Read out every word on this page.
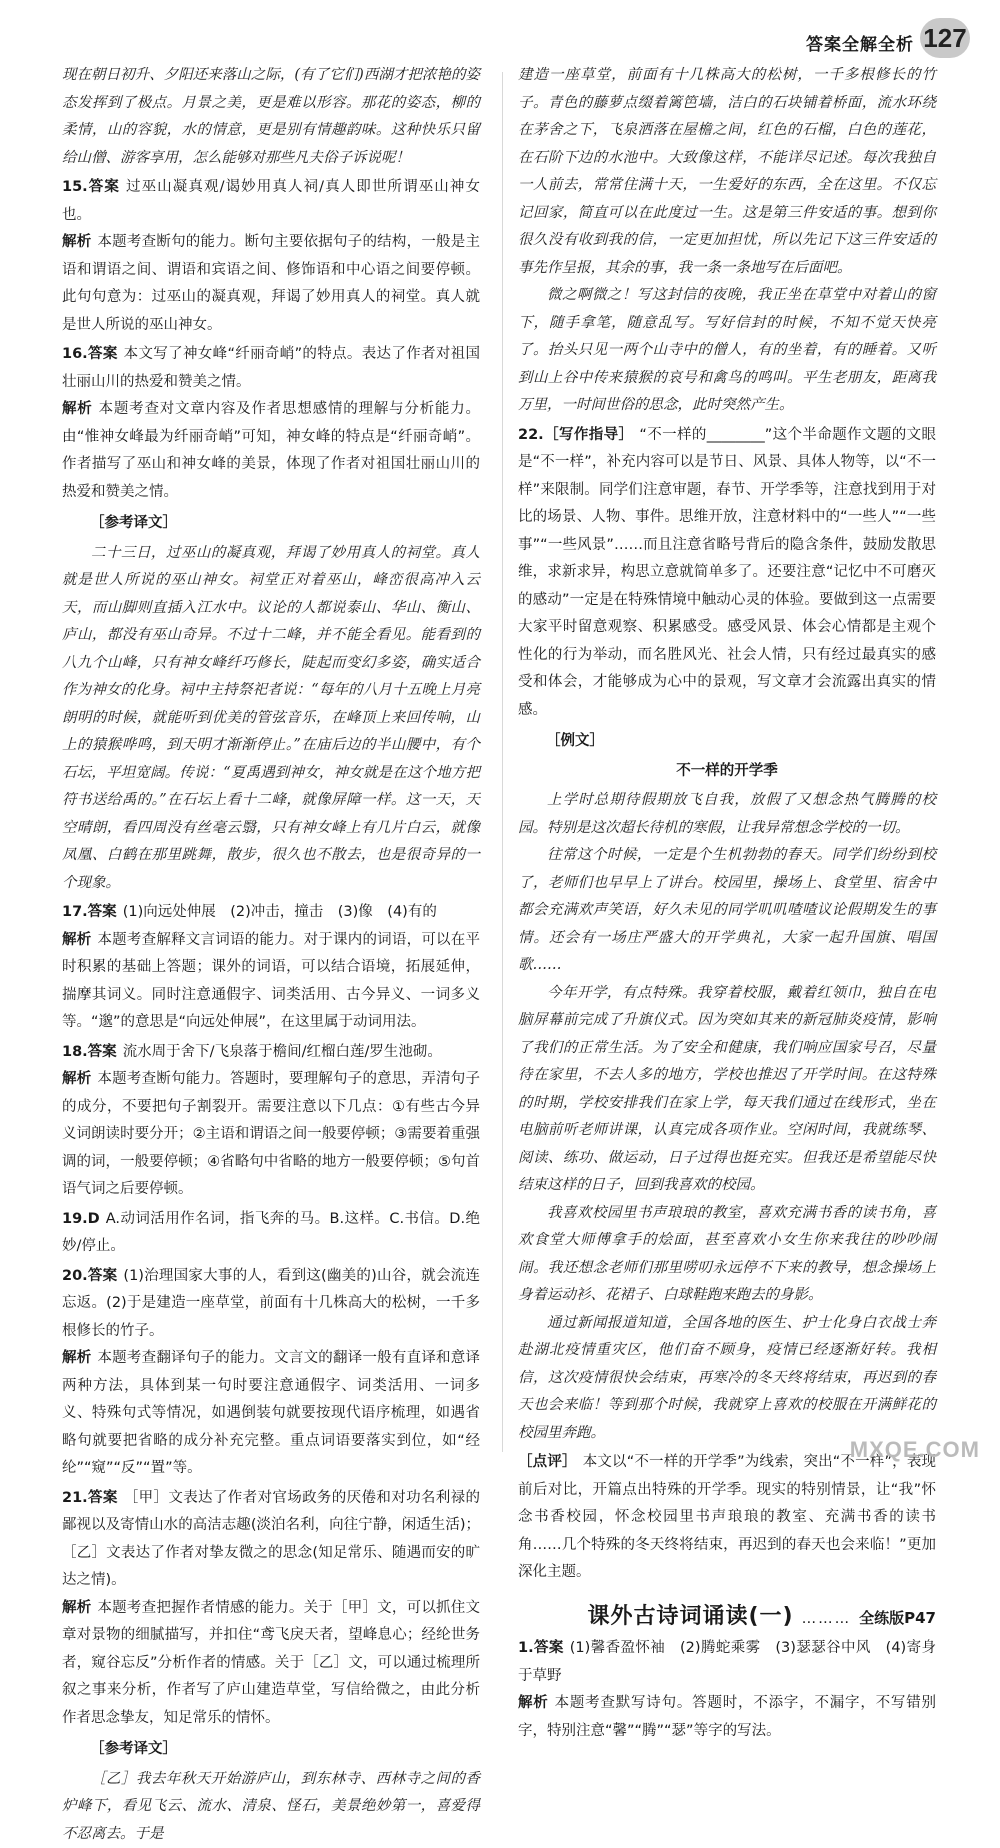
答案全解全析 127

现在朝日初升、夕阳还来落山之际，(有了它们)西湖才把浓艳的姿态发挥到了极点。月景之美，更是难以形容。那花的姿态，柳的柔情，山的容貌，水的情意，更是别有情趣韵味。这种快乐只留给山僧、游客享用，怎么能够对那些凡夫俗子诉说呢！

15.答案 过巫山凝真观/谒妙用真人祠/真人即世所谓巫山神女也。

解析 本题考查断句的能力。断句主要依据句子的结构，一般是主语和谓语之间、谓语和宾语之间、修饰语和中心语之间要停顿。此句句意为：过巫山的凝真观，拜谒了妙用真人的祠堂。真人就是世人所说的巫山神女。

16.答案 本文写了神女峰“纤丽奇峭”的特点。表达了作者对祖国壮丽山川的热爱和赞美之情。

解析 本题考查对文章内容及作者思想感情的理解与分析能力。由“惟神女峰最为纤丽奇峭”可知，神女峰的特点是“纤丽奇峭”。作者描写了巫山和神女峰的美景，体现了作者对祖国壮丽山川的热爱和赞美之情。

［参考译文］

二十三日，过巫山的凝真观，拜谒了妙用真人的祠堂。真人就是世人所说的巫山神女。祠堂正对着巫山，峰峦很高冲入云天，而山脚则直插入江水中。议论的人都说泰山、华山、衡山、庐山，都没有巫山奇异。不过十二峰，并不能全看见。能看到的八九个山峰，只有神女峰纤巧修长，陡起而变幻多姿，确实适合作为神女的化身。祠中主持祭祀者说：“每年的八月十五晚上月亮朗明的时候，就能听到优美的管弦音乐，在峰顶上来回传响，山上的猿猴哗鸣，到天明才渐渐停止。”在庙后边的半山腰中，有个石坛，平坦宽阔。传说：“夏禹遇到神女，神女就是在这个地方把符书送给禹的。”在石坛上看十二峰，就像屏障一样。这一天，天空晴朗，看四周没有丝毫云翳，只有神女峰上有几片白云，就像凤凰、白鹤在那里跳舞，散步，很久也不散去，也是很奇异的一个现象。

17.答案 (1)向远处伸展　(2)冲击，撞击　(3)像　(4)有的

解析 本题考查解释文言词语的能力。对于课内的词语，可以在平时积累的基础上答题；课外的词语，可以结合语境，拓展延伸，揣摩其词义。同时注意通假字、词类活用、古今异义、一词多义等。“邈”的意思是“向远处伸展”，在这里属于动词用法。

18.答案 流水周于舍下/飞泉落于檐间/红榴白莲/罗生池砌。

解析 本题考查断句能力。答题时，要理解句子的意思，弄清句子的成分，不要把句子割裂开。需要注意以下几点：①有些古今异义词朗读时要分开；②主语和谓语之间一般要停顿；③需要着重强调的词，一般要停顿；④省略句中省略的地方一般要停顿；⑤句首语气词之后要停顿。

19.D A.动词活用作名词，指飞奔的马。B.这样。C.书信。D.绝妙/停止。

20.答案 (1)治理国家大事的人，看到这(幽美的)山谷，就会流连忘返。(2)于是建造一座草堂，前面有十几株高大的松树，一千多根修长的竹子。

解析 本题考查翻译句子的能力。文言文的翻译一般有直译和意译两种方法，具体到某一句时要注意通假字、词类活用、一词多义、特殊句式等情况，如遇倒装句就要按现代语序梳理，如遇省略句就要把省略的成分补充完整。重点词语要落实到位，如“经纶”“窥”“反”“置”等。

21.答案 ［甲］文表达了作者对官场政务的厌倦和对功名利禄的鄙视以及寄情山水的高洁志趣(淡泊名利，向往宁静，闲适生活)；［乙］文表达了作者对挚友微之的思念(知足常乐、随遇而安的旷达之情)。

解析 本题考查把握作者情感的能力。关于［甲］文，可以抓住文章对景物的细腻描写，并扣住“鸢飞戾天者，望峰息心；经纶世务者，窥谷忘反”分析作者的情感。关于［乙］文，可以通过梳理所叙之事来分析，作者写了庐山建造草堂，写信给微之，由此分析作者思念挚友，知足常乐的情怀。

［参考译文］

［乙］我去年秋天开始游庐山，到东林寺、西林寺之间的香炉峰下，看见飞云、流水、清泉、怪石，美景绝妙第一，喜爱得不忍离去。于是

建造一座草堂，前面有十几株高大的松树，一千多根修长的竹子。青色的藤萝点缀着篱笆墙，洁白的石块铺着桥面，流水环绕在茅舍之下，飞泉洒落在屋檐之间，红色的石榴，白色的莲花，在石阶下边的水池中。大致像这样，不能详尽记述。每次我独自一人前去，常常住满十天，一生爱好的东西，全在这里。不仅忘记回家，简直可以在此度过一生。这是第三件安适的事。想到你很久没有收到我的信，一定更加担忧，所以先记下这三件安适的事先作呈报，其余的事，我一条一条地写在后面吧。

微之啊微之！写这封信的夜晚，我正坐在草堂中对着山的窗下，随手拿笔，随意乱写。写好信封的时候，不知不觉天快亮了。抬头只见一两个山寺中的僧人，有的坐着，有的睡着。又听到山上谷中传来猿猴的哀号和禽鸟的鸣叫。平生老朋友，距离我万里，一时间世俗的思念，此时突然产生。

22.［写作指导］ “不一样的________”这个半命题作文题的文眼是“不一样”，补充内容可以是节日、风景、具体人物等，以“不一样”来限制。同学们注意审题，春节、开学季等，注意找到用于对比的场景、人物、事件。思维开放，注意材料中的“一些人”“一些事”“一些风景”……而且注意省略号背后的隐含条件，鼓励发散思维，求新求异，构思立意就简单多了。还要注意“记忆中不可磨灭的感动”一定是在特殊情境中触动心灵的体验。要做到这一点需要大家平时留意观察、积累感受。感受风景、体会心情都是主观个性化的行为举动，而名胜风光、社会人情，只有经过最真实的感受和体会，才能够成为心中的景观，写文章才会流露出真实的情感。

［例文］
不一样的开学季

上学时总期待假期放飞自我，放假了又想念热气腾腾的校园。特别是这次超长待机的寒假，让我异常想念学校的一切。

往常这个时候，一定是个生机勃勃的春天。同学们纷纷到校了，老师们也早早上了讲台。校园里，操场上、食堂里、宿舍中都会充满欢声笑语，好久未见的同学叽叽喳喳议论假期发生的事情。还会有一场庄严盛大的开学典礼，大家一起升国旗、唱国歌……

今年开学，有点特殊。我穿着校服，戴着红领巾，独自在电脑屏幕前完成了升旗仪式。因为突如其来的新冠肺炎疫情，影响了我们的正常生活。为了安全和健康，我们响应国家号召，尽量待在家里，不去人多的地方，学校也推迟了开学时间。在这特殊的时期，学校安排我们在家上学，每天我们通过在线形式，坐在电脑前听老师讲课，认真完成各项作业。空闲时间，我就练琴、阅读、练功、做运动，日子过得也挺充实。但我还是希望能尽快结束这样的日子，回到我喜欢的校园。

我喜欢校园里书声琅琅的教室，喜欢充满书香的读书角，喜欢食堂大师傅拿手的烩面，甚至喜欢小女生你来我往的吵吵闹闹。我还想念老师们那里唠叨永远停不下来的教导，想念操场上身着运动衫、花裙子、白球鞋跑来跑去的身影。

通过新闻报道知道，全国各地的医生、护士化身白衣战士奔赴湖北疫情重灾区，他们奋不顾身，疫情已经逐渐好转。我相信，这次疫情很快会结束，再寒冷的冬天终将结束，再迟到的春天也会来临！等到那个时候，我就穿上喜欢的校服在开满鲜花的校园里奔跑。

［点评］ 本文以“不一样的开学季”为线索，突出“不一样”，表现前后对比，开篇点出特殊的开学季。现实的特别情景，让“我”怀念书香校园，怀念校园里书声琅琅的教室、充满书香的读书角……几个特殊的冬天终将结束，再迟到的春天也会来临！”更加深化主题。

课外古诗词诵读(一) ……… 全练版P47

1.答案 (1)馨香盈怀袖　(2)腾蛇乘雾　(3)瑟瑟谷中风　(4)寄身于草野

解析 本题考查默写诗句。答题时，不添字，不漏字，不写错别字，特别注意“馨”“腾”“瑟”等字的写法。

MXQE.COM
